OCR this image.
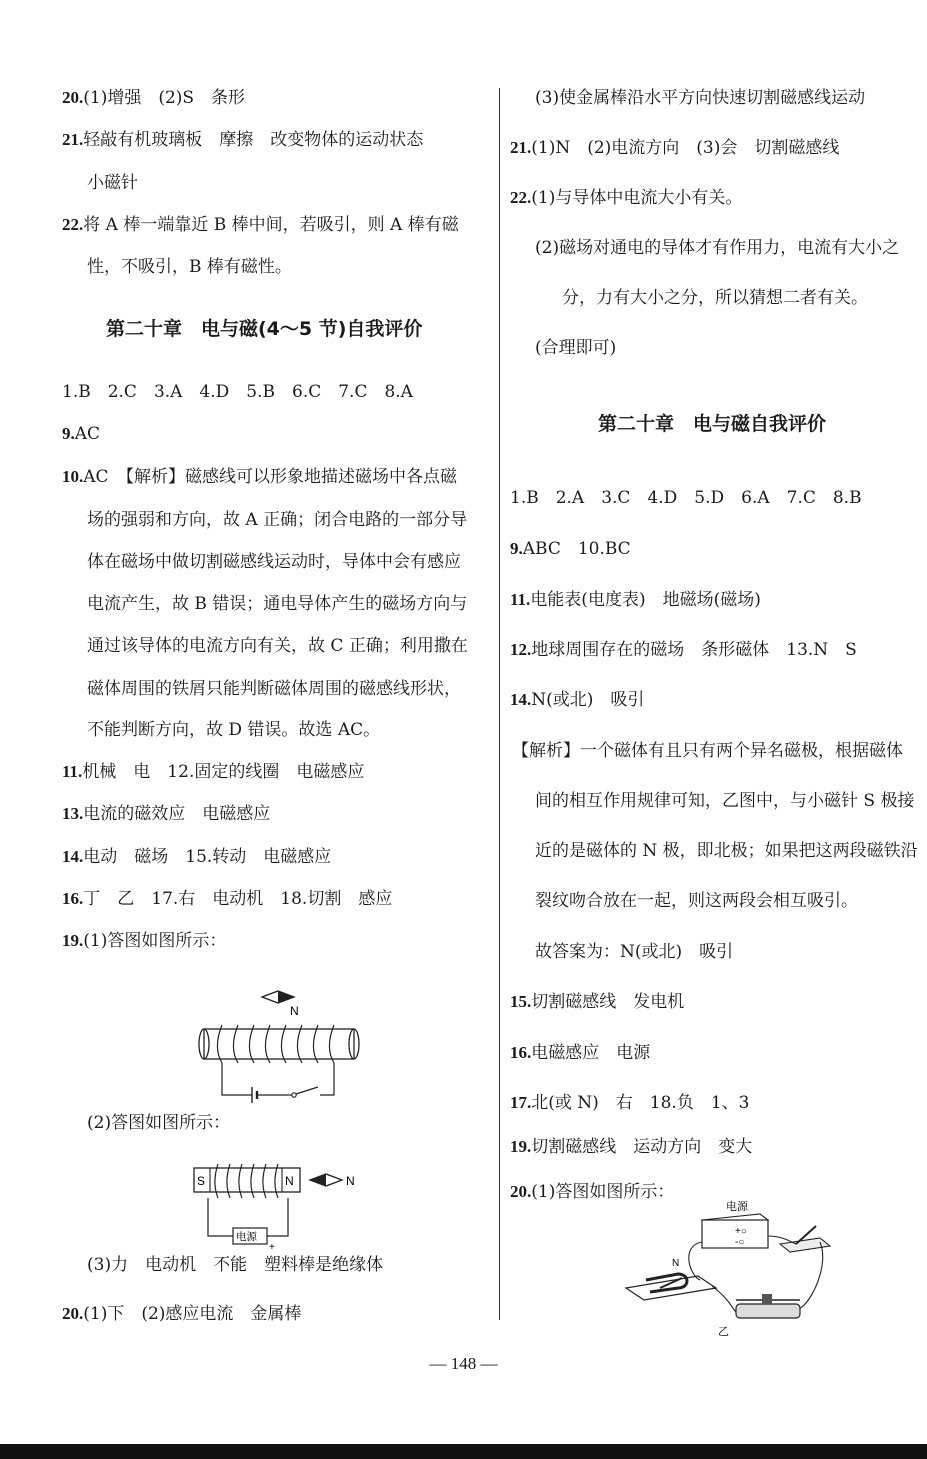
20.(1)增强　(2)S　条形
21.轻敲有机玻璃板　摩擦　改变物体的运动状态
小磁针
22.将 A 棒一端靠近 B 棒中间，若吸引，则 A 棒有磁
性，不吸引，B 棒有磁性。
第二十章　电与磁(4～5 节)自我评价
1.B　2.C　3.A　4.D　5.B　6.C　7.C　8.A
9.AC
10.AC　【解析】磁感线可以形象地描述磁场中各点磁
场的强弱和方向，故 A 正确；闭合电路的一部分导
体在磁场中做切割磁感线运动时，导体中会有感应
电流产生，故 B 错误；通电导体产生的磁场方向与
通过该导体的电流方向有关，故 C 正确；利用撒在
磁体周围的铁屑只能判断磁体周围的磁感线形状，
不能判断方向，故 D 错误。故选 AC。
11.机械　电　12.固定的线圈　电磁感应
13.电流的磁效应　电磁感应
14.电动　磁场　15.转动　电磁感应
16.丁　乙　17.右　电动机　18.切割　感应
19.(1)答图如图所示：
N
(2)答图如图所示：
S	N	N
电源
+
(3)力　电动机　不能　塑料棒是绝缘体
20.(1)下　(2)感应电流　金属棒
(3)使金属棒沿水平方向快速切割磁感线运动
21.(1)N　(2)电流方向　(3)会　切割磁感线
22.(1)与导体中电流大小有关。
(2)磁场对通电的导体才有作用力，电流有大小之
分，力有大小之分，所以猜想二者有关。
(合理即可)
第二十章　电与磁自我评价
1.B　2.A　3.C　4.D　5.D　6.A　7.C　8.B
9.ABC　10.BC
11.电能表(电度表)　地磁场(磁场)
12.地球周围存在的磁场　条形磁体　13.N　S
14.N(或北)　吸引
【解析】一个磁体有且只有两个异名磁极，根据磁体
间的相互作用规律可知，乙图中，与小磁针 S 极接
近的是磁体的 N 极，即北极；如果把这两段磁铁沿
裂纹吻合放在一起，则这两段会相互吸引。
故答案为：N(或北)　吸引
15.切割磁感线　发电机
16.电磁感应　电源
17.北(或 N)　右　18.负　1、3
19.切割磁感线　运动方向　变大
20.(1)答图如图所示：
电源
+○
-○
N
乙
— 148 —
